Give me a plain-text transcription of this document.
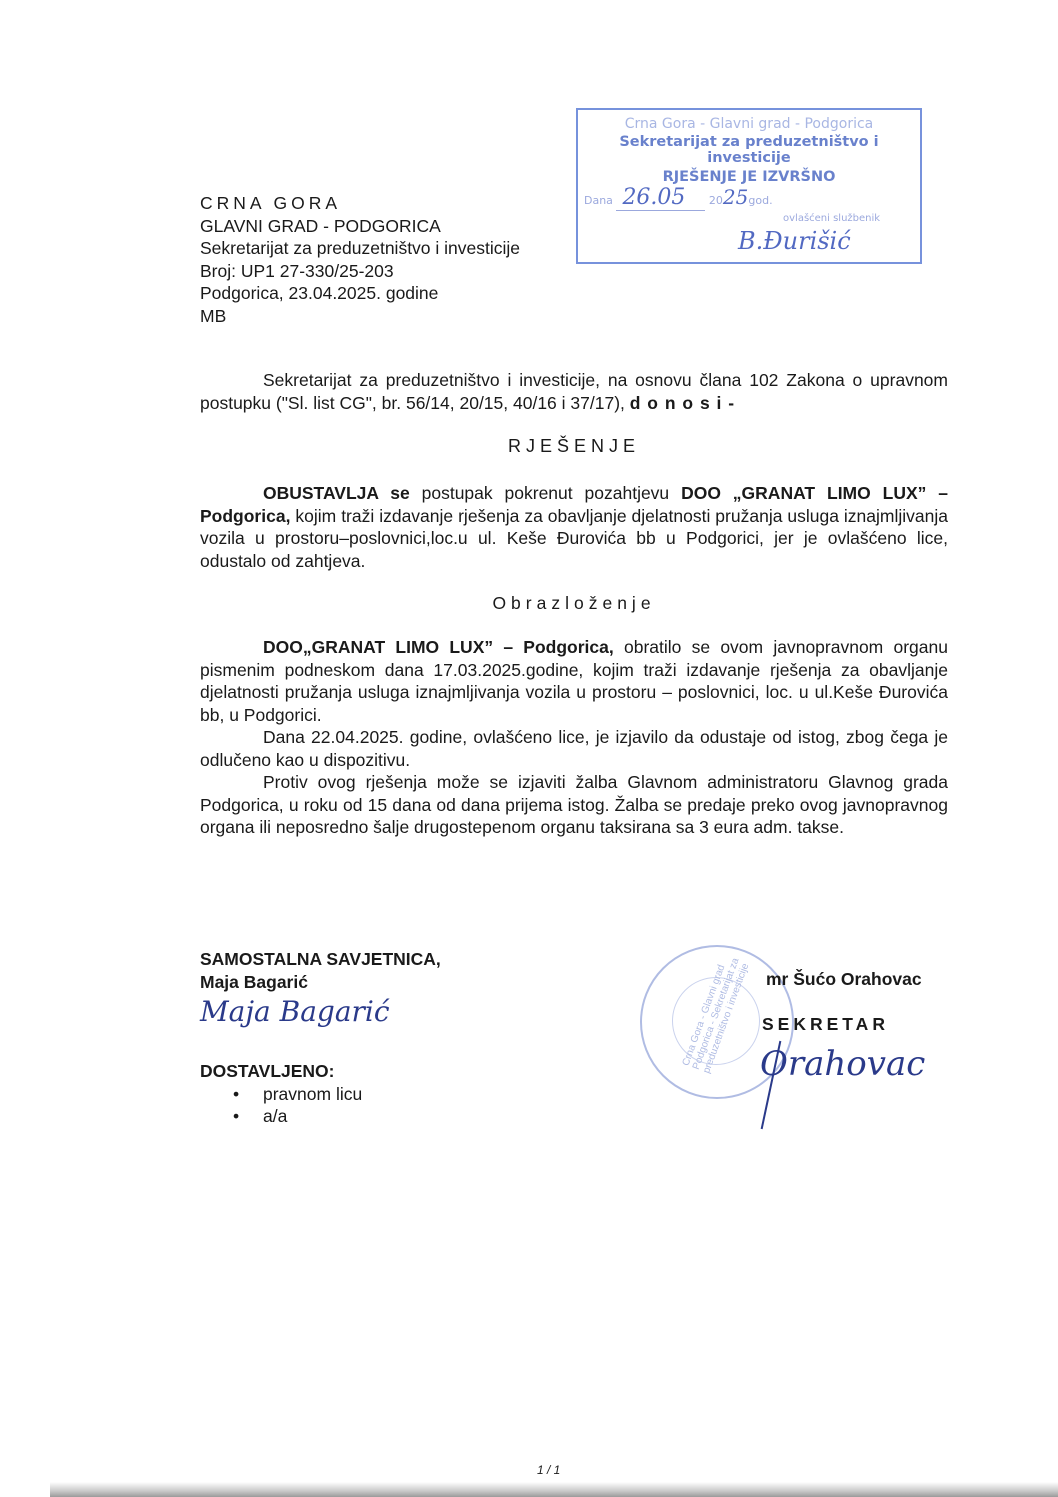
CRNA GORA
GLAVNI GRAD - PODGORICA
Sekretarijat za preduzetništvo i investicije
Broj: UP1 27-330/25-203
Podgorica, 23.04.2025. godine
MB
Crna Gora - Glavni grad - Podgorica
Sekretarijat za preduzetništvo i investicije
RJEŠENJE JE IZVRŠNO
Dana 26.05 2025god.
ovlašćeni službenik
B.Đurišić
Sekretarijat za preduzetništvo i investicije, na osnovu člana 102 Zakona o upravnom postupku ("Sl. list CG", br. 56/14, 20/15, 40/16 i 37/17), d o n o s i -
RJEŠENJE
OBUSTAVLJA se postupak pokrenut pozahtjevu DOO „GRANAT LIMO LUX” – Podgorica, kojim traži izdavanje rješenja za obavljanje djelatnosti pružanja usluga iznajmljivanja vozila u prostoru–poslovnici,loc.u ul. Keše Đurovića bb u Podgorici, jer je ovlašćeno lice, odustalo od zahtjeva.
Obrazloženje
DOO„GRANAT LIMO LUX” – Podgorica, obratilo se ovom javnopravnom organu pismenim podneskom dana 17.03.2025.godine, kojim traži izdavanje rješenja za obavljanje djelatnosti pružanja usluga iznajmljivanja vozila u prostoru – poslovnici, loc. u ul.Keše Đurovića bb, u Podgorici.
Dana 22.04.2025. godine, ovlašćeno lice, je izjavilo da odustaje od istog, zbog čega je odlučeno kao u dispozitivu.
Protiv ovog rješenja može se izjaviti žalba Glavnom administratoru Glavnog grada Podgorica, u roku od 15 dana od dana prijema istog. Žalba se predaje preko ovog javnopravnog organa ili neposredno šalje drugostepenom organu taksirana sa 3 eura adm. takse.
SAMOSTALNA SAVJETNICA,
Maja Bagarić
Maja Bagarić
DOSTAVLJENO:
• pravnom licu
• a/a
Crna Gora - Glavni grad Podgorica - Sekretarijat za preduzetništvo i investicije mr Šućo Orahovac
SEKRETAR
Orahovac
1 / 1
